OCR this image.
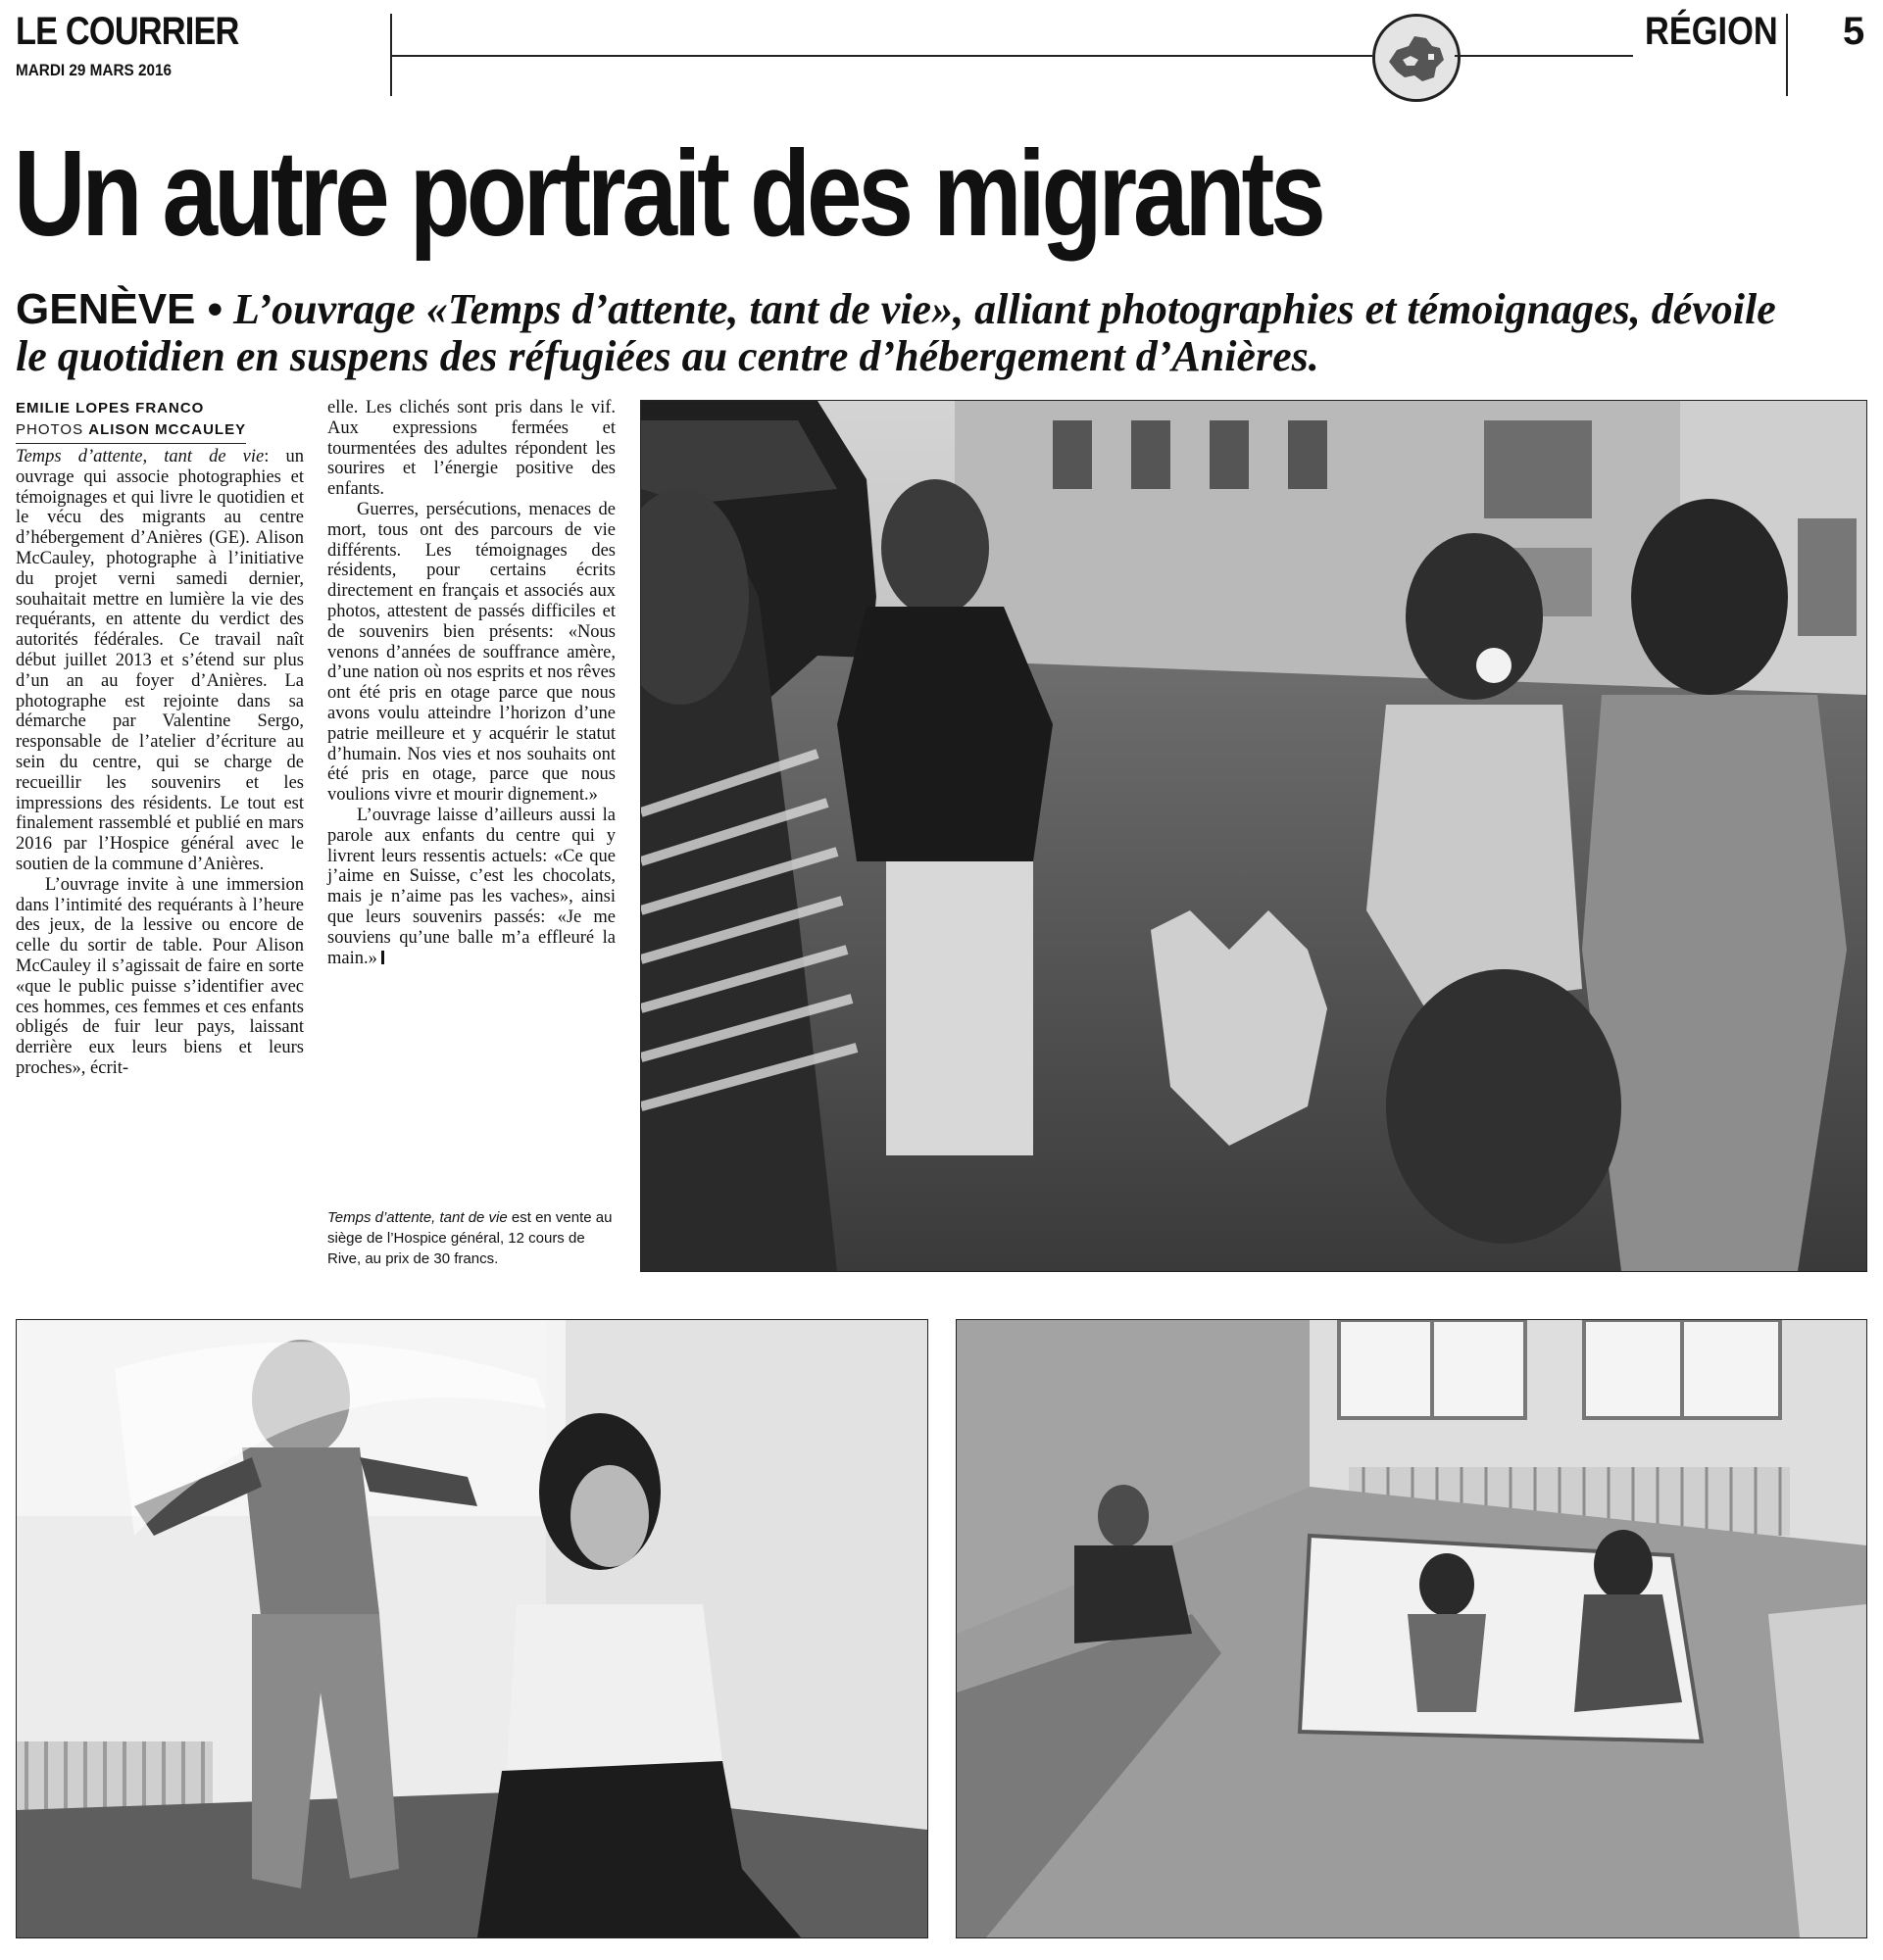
LE COURRIER
MARDI 29 MARS 2016
RÉGION 5
Un autre portrait des migrants
GENÈVE • L’ouvrage «Temps d’attente, tant de vie», alliant photographies et témoignages, dévoile le quotidien en suspens des réfugiées au centre d’hébergement d’Anières.
EMILIE LOPES FRANCO
PHOTOS ALISON MCCAULEY

Temps d’attente, tant de vie: un ouvrage qui associe photographies et témoignages et qui livre le quotidien et le vécu des migrants au centre d’hébergement d’Anières (GE). Alison McCauley, photographe à l’initiative du projet verni samedi dernier, souhaitait mettre en lumière la vie des requérants, en attente du verdict des autorités fédérales. Ce travail naît début juillet 2013 et s’étend sur plus d’un an au foyer d’Anières. La photographe est rejointe dans sa démarche par Valentine Sergo, responsable de l’atelier d’écriture au sein du centre, qui se charge de recueillir les souvenirs et les impressions des résidents. Le tout est finalement rassemblé et publié en mars 2016 par l’Hospice général avec le soutien de la commune d’Anières.

L’ouvrage invite à une immersion dans l’intimité des requérants à l’heure des jeux, de la lessive ou encore de celle du sortir de table. Pour Alison McCauley il s’agissait de faire en sorte «que le public puisse s’identifier avec ces hommes, ces femmes et ces enfants obligés de fuir leur pays, laissant derrière eux leurs biens et leurs proches», écrit-

elle. Les clichés sont pris dans le vif. Aux expressions fermées et tourmentées des adultes répondent les sourires et l’énergie positive des enfants.

Guerres, persécutions, menaces de mort, tous ont des parcours de vie différents. Les témoignages des résidents, pour certains écrits directement en français et associés aux photos, attestent de passés difficiles et de souvenirs bien présents: «Nous venons d’années de souffrance amère, d’une nation où nos esprits et nos rêves ont été pris en otage parce que nous avons voulu atteindre l’horizon d’une patrie meilleure et y acquérir le statut d’humain. Nos vies et nos souhaits ont été pris en otage, parce que nous voulions vivre et mourir dignement.»

L’ouvrage laisse d’ailleurs aussi la parole aux enfants du centre qui y livrent leurs ressentis actuels: «Ce que j’aime en Suisse, c’est les chocolats, mais je n’aime pas les vaches», ainsi que leurs souvenirs passés: «Je me souviens qu’une balle m’a effleuré la main.»

Temps d’attente, tant de vie est en vente au siège de l’Hospice général, 12 cours de Rive, au prix de 30 francs.
